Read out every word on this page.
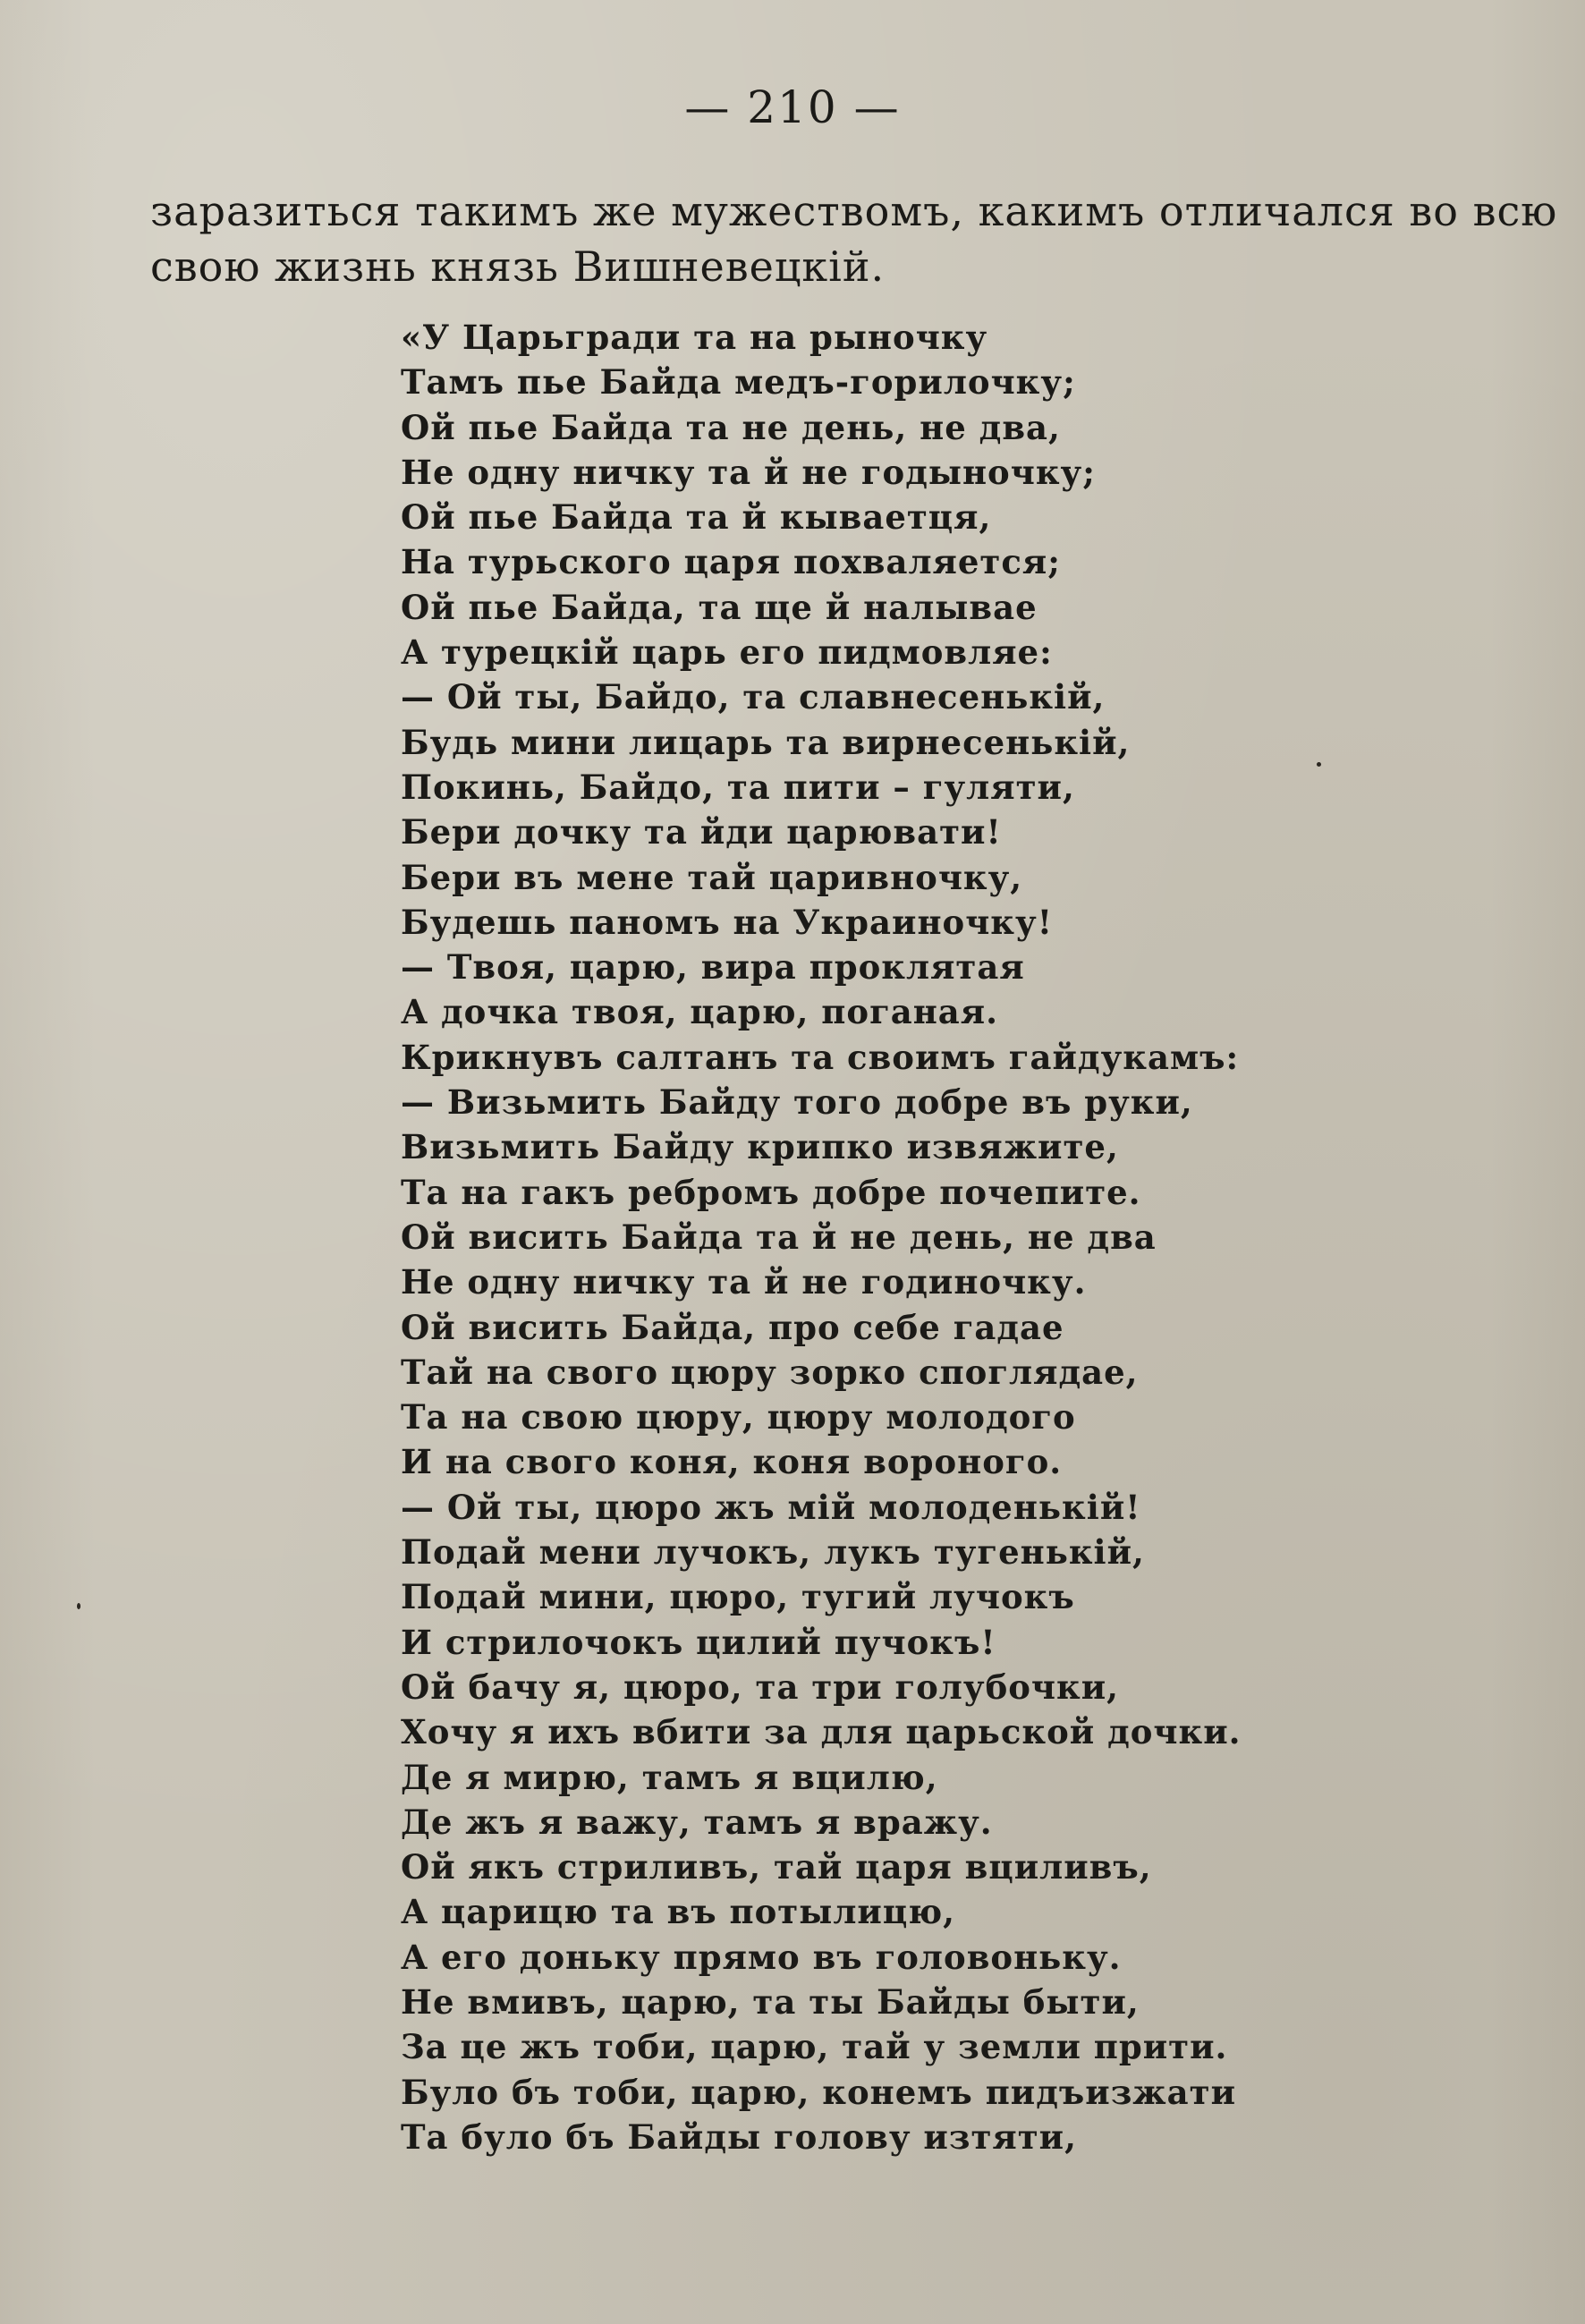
— 210 —
заразиться такимъ же мужествомъ, какимъ отличался во всю
свою жизнь князь Вишневецкій.
«У Царьгради та на рыночку
Тамъ пье Байда медъ-горилочку;
Ой пье Байда та не день, не два,
Не одну ничку та й не годыночку;
Ой пье Байда та й кываетця,
На турьского царя похваляется;
Ой пье Байда, та ще й налывае
А турецкій царь его пидмовляе:
— Ой ты, Байдо, та славнесенькій,
Будь мини лицарь та вирнесенькій,
Покинь, Байдо, та пити – гуляти,
Бери дочку та йди царювати!
Бери въ мене тай царивночку,
Будешь паномъ на Украиночку!
— Твоя, царю, вира проклятая
А дочка твоя, царю, поганая.
Крикнувъ салтанъ та своимъ гайдукамъ:
— Визьмить Байду того добре въ руки,
Визьмить Байду крипко извяжите,
Та на гакъ ребромъ добре почепите.
Ой висить Байда та й не день, не два
Не одну ничку та й не годиночку.
Ой висить Байда, про себе гадае
Тай на свого цюру зорко споглядае,
Та на свою цюру, цюру молодого
И на свого коня, коня вороного.
— Ой ты, цюро жъ мій молоденькій!
Подай мени лучокъ, лукъ тугенькій,
Подай мини, цюро, тугий лучокъ
И стрилочокъ цилий пучокъ!
Ой бачу я, цюро, та три голубочки,
Хочу я ихъ вбити за для царьской дочки.
Де я мирю, тамъ я вцилю,
Де жъ я важу, тамъ я вражу.
Ой якъ стриливъ, тай царя вциливъ,
А царицю та въ потылицю,
А его доньку прямо въ головоньку.
Не вмивъ, царю, та ты Байды быти,
За це жъ тоби, царю, тай у земли прити.
Було бъ тоби, царю, конемъ пидъизжати
Та було бъ Байды голову изтяти,
